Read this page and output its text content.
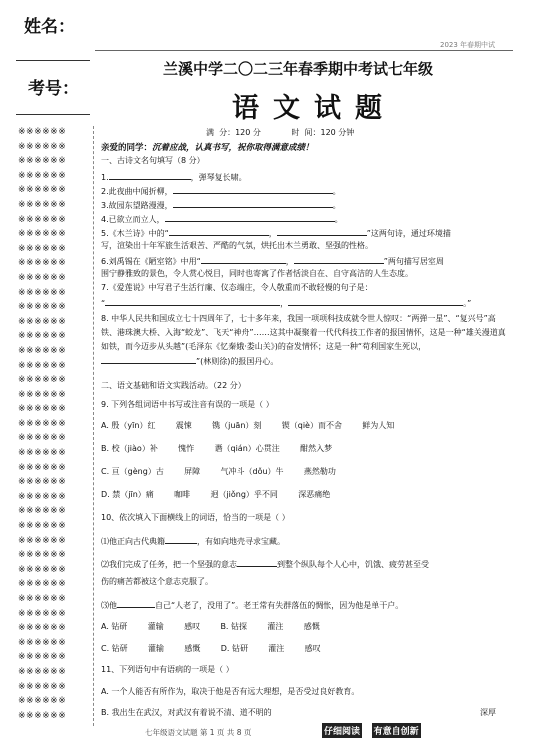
姓名：
考号：
※※※※※※
※※※※※※
※※※※※※
※※※※※※
※※※※※※
※※※※※※
※※※※※※
※※※※※※
※※※※※※
※※※※※※
※※※※※※
※※※※※※
※※※※※※
※※※※※※
※※※※※※
※※※※※※
※※※※※※
※※※※※※
※※※※※※
※※※※※※
※※※※※※
※※※※※※
※※※※※※
※※※※※※
※※※※※※
※※※※※※
※※※※※※
※※※※※※
※※※※※※
※※※※※※
※※※※※※
※※※※※※
※※※※※※
※※※※※※
※※※※※※
※※※※※※
※※※※※※
※※※※※※
※※※※※※
※※※※※※
※※※※※※
2023 年春期中试
兰溪中学二〇二三年春季期中考试七年级
语文试题
满  分：120 分            时  间：120 分钟
亲爱的同学：沉着应战，认真书写，祝你取得满意成绩！
一、古诗文名句填写（8 分）
1.	，弹琴复长啸。
2.此夜曲中闻折柳，	。
3.故园东望路漫漫，	。
4.已欲立而立人，	。
5.《木兰诗》中的“	，	”这两句诗，通过环境描
写，渲染出十年军旅生活艰苦、严酷的气氛，烘托出木兰勇敢、坚强的性格。
6.刘禹锡在《陋室铭》中用“	，	”两句描写居室周
围宁静雅致的景色，令人赏心悦目，同时也寄寓了作者恬淡自在、自守高洁的人生态度。
7.《爱莲说》中写君子生活行廉、仪态端庄，令人敬重而不敢轻慢的句子是：
“	，	。”
8. 中华人民共和国成立七十四周年了，七十多年来，我国一项项科技成就令世人惊叹：“两弹一星”、“复兴号”高铁、港珠澳大桥、入海“蛟龙”、飞天“神舟”……这其中凝聚着一代代科技工作者的报国情怀，这是一种“雄关漫道真如铁，而今迈步从头越”(毛泽东《忆秦娥·娄山关》)的奋发情怀；这是一种“苟利国家生死以，”(林则徐)的报国丹心。
二、语文基础和语文实践活动。（22 分）
9. 下列各组词语中书写或注音有误的一项是（ ）
A. 殷（yīn）红        震悚        镌（juān）刻        锲（qiè）而不舍        鲜为人知
B. 校（jiào）补        愧怍        谮（qián）心贯注        酣然入梦
C. 亘（gèng）古        屏障        气冲斗（dǒu）牛        燕然勒功
D. 禁（jīn）痛        咖啡        迥（jiǒng）乎不同        深恶痛绝
10、依次填入下面横线上的词语，恰当的一项是（ ）
⑴他正向古代典籍	，有如向地壳寻求宝藏。
⑵我们完成了任务，把一个坚强的意志	到整个纵队每个人心中，饥饿、疲劳甚至受
伤的痛苦都被这个意志克服了。
⑶他	自己“人老了，没用了”。老王常有失群落伍的惆怅，因为他是单干户。
A. 钻研        灌输        感叹        B. 钻探        灌注        感慨
C. 钻研        灌输        感慨        D. 钻研        灌注        感叹
11、下列语句中有语病的一项是（ ）
A. 一个人能否有所作为，取决于他是否有远大理想，是否受过良好教育。
B. 我出生在武汉，对武汉有着说不清、道不明的	深厚
七年级语文试题 第 1 页 共 8 页	仔细阅读 有意自创新
